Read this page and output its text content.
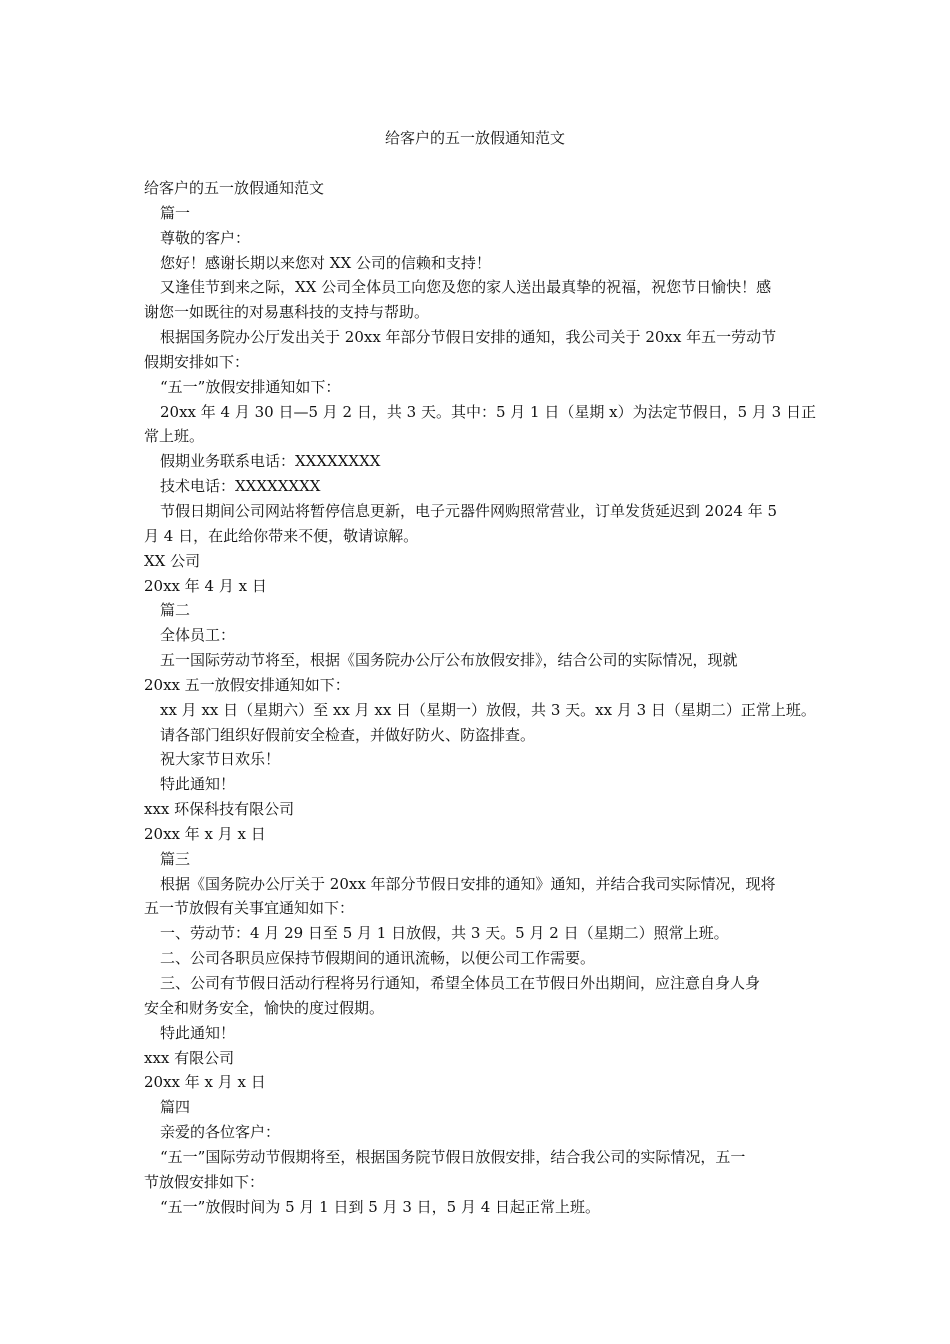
给客户的五一放假通知范文

给客户的五一放假通知范文

篇一

尊敬的客户：

您好！感谢长期以来您对 XX 公司的信赖和支持！

又逢佳节到来之际，XX 公司全体员工向您及您的家人送出最真挚的祝福，祝您节日愉快！感

谢您一如既往的对易惠科技的支持与帮助。

根据国务院办公厅发出关于 20xx 年部分节假日安排的通知，我公司关于 20xx 年五一劳动节

假期安排如下：

“五一”放假安排通知如下：

20xx 年 4 月 30 日—5 月 2 日，共 3 天。其中：5 月 1 日（星期 x）为法定节假日，5 月 3 日正

常上班。

假期业务联系电话：XXXXXXXX

技术电话：XXXXXXXX

节假日期间公司网站将暂停信息更新，电子元器件网购照常营业，订单发货延迟到 2024 年 5

月 4 日，在此给你带来不便，敬请谅解。

XX 公司

20xx 年 4 月 x 日

篇二

全体员工：

五一国际劳动节将至，根据《国务院办公厅公布放假安排》，结合公司的实际情况，现就

20xx 五一放假安排通知如下：

xx 月 xx 日（星期六）至 xx 月 xx 日（星期一）放假，共 3 天。xx 月 3 日（星期二）正常上班。

请各部门组织好假前安全检查，并做好防火、防盗排查。

祝大家节日欢乐！

特此通知！

xxx 环保科技有限公司

20xx 年 x 月 x 日

篇三

根据《国务院办公厅关于 20xx 年部分节假日安排的通知》通知，并结合我司实际情况，现将

五一节放假有关事宜通知如下：

一、劳动节：4 月 29 日至 5 月 1 日放假，共 3 天。5 月 2 日（星期二）照常上班。

二、公司各职员应保持节假期间的通讯流畅，以便公司工作需要。

三、公司有节假日活动行程将另行通知，希望全体员工在节假日外出期间，应注意自身人身

安全和财务安全，愉快的度过假期。

特此通知！

xxx 有限公司

20xx 年 x 月 x 日

篇四

亲爱的各位客户：

“五一”国际劳动节假期将至，根据国务院节假日放假安排，结合我公司的实际情况，五一

节放假安排如下：

“五一”放假时间为 5 月 1 日到 5 月 3 日，5 月 4 日起正常上班。
